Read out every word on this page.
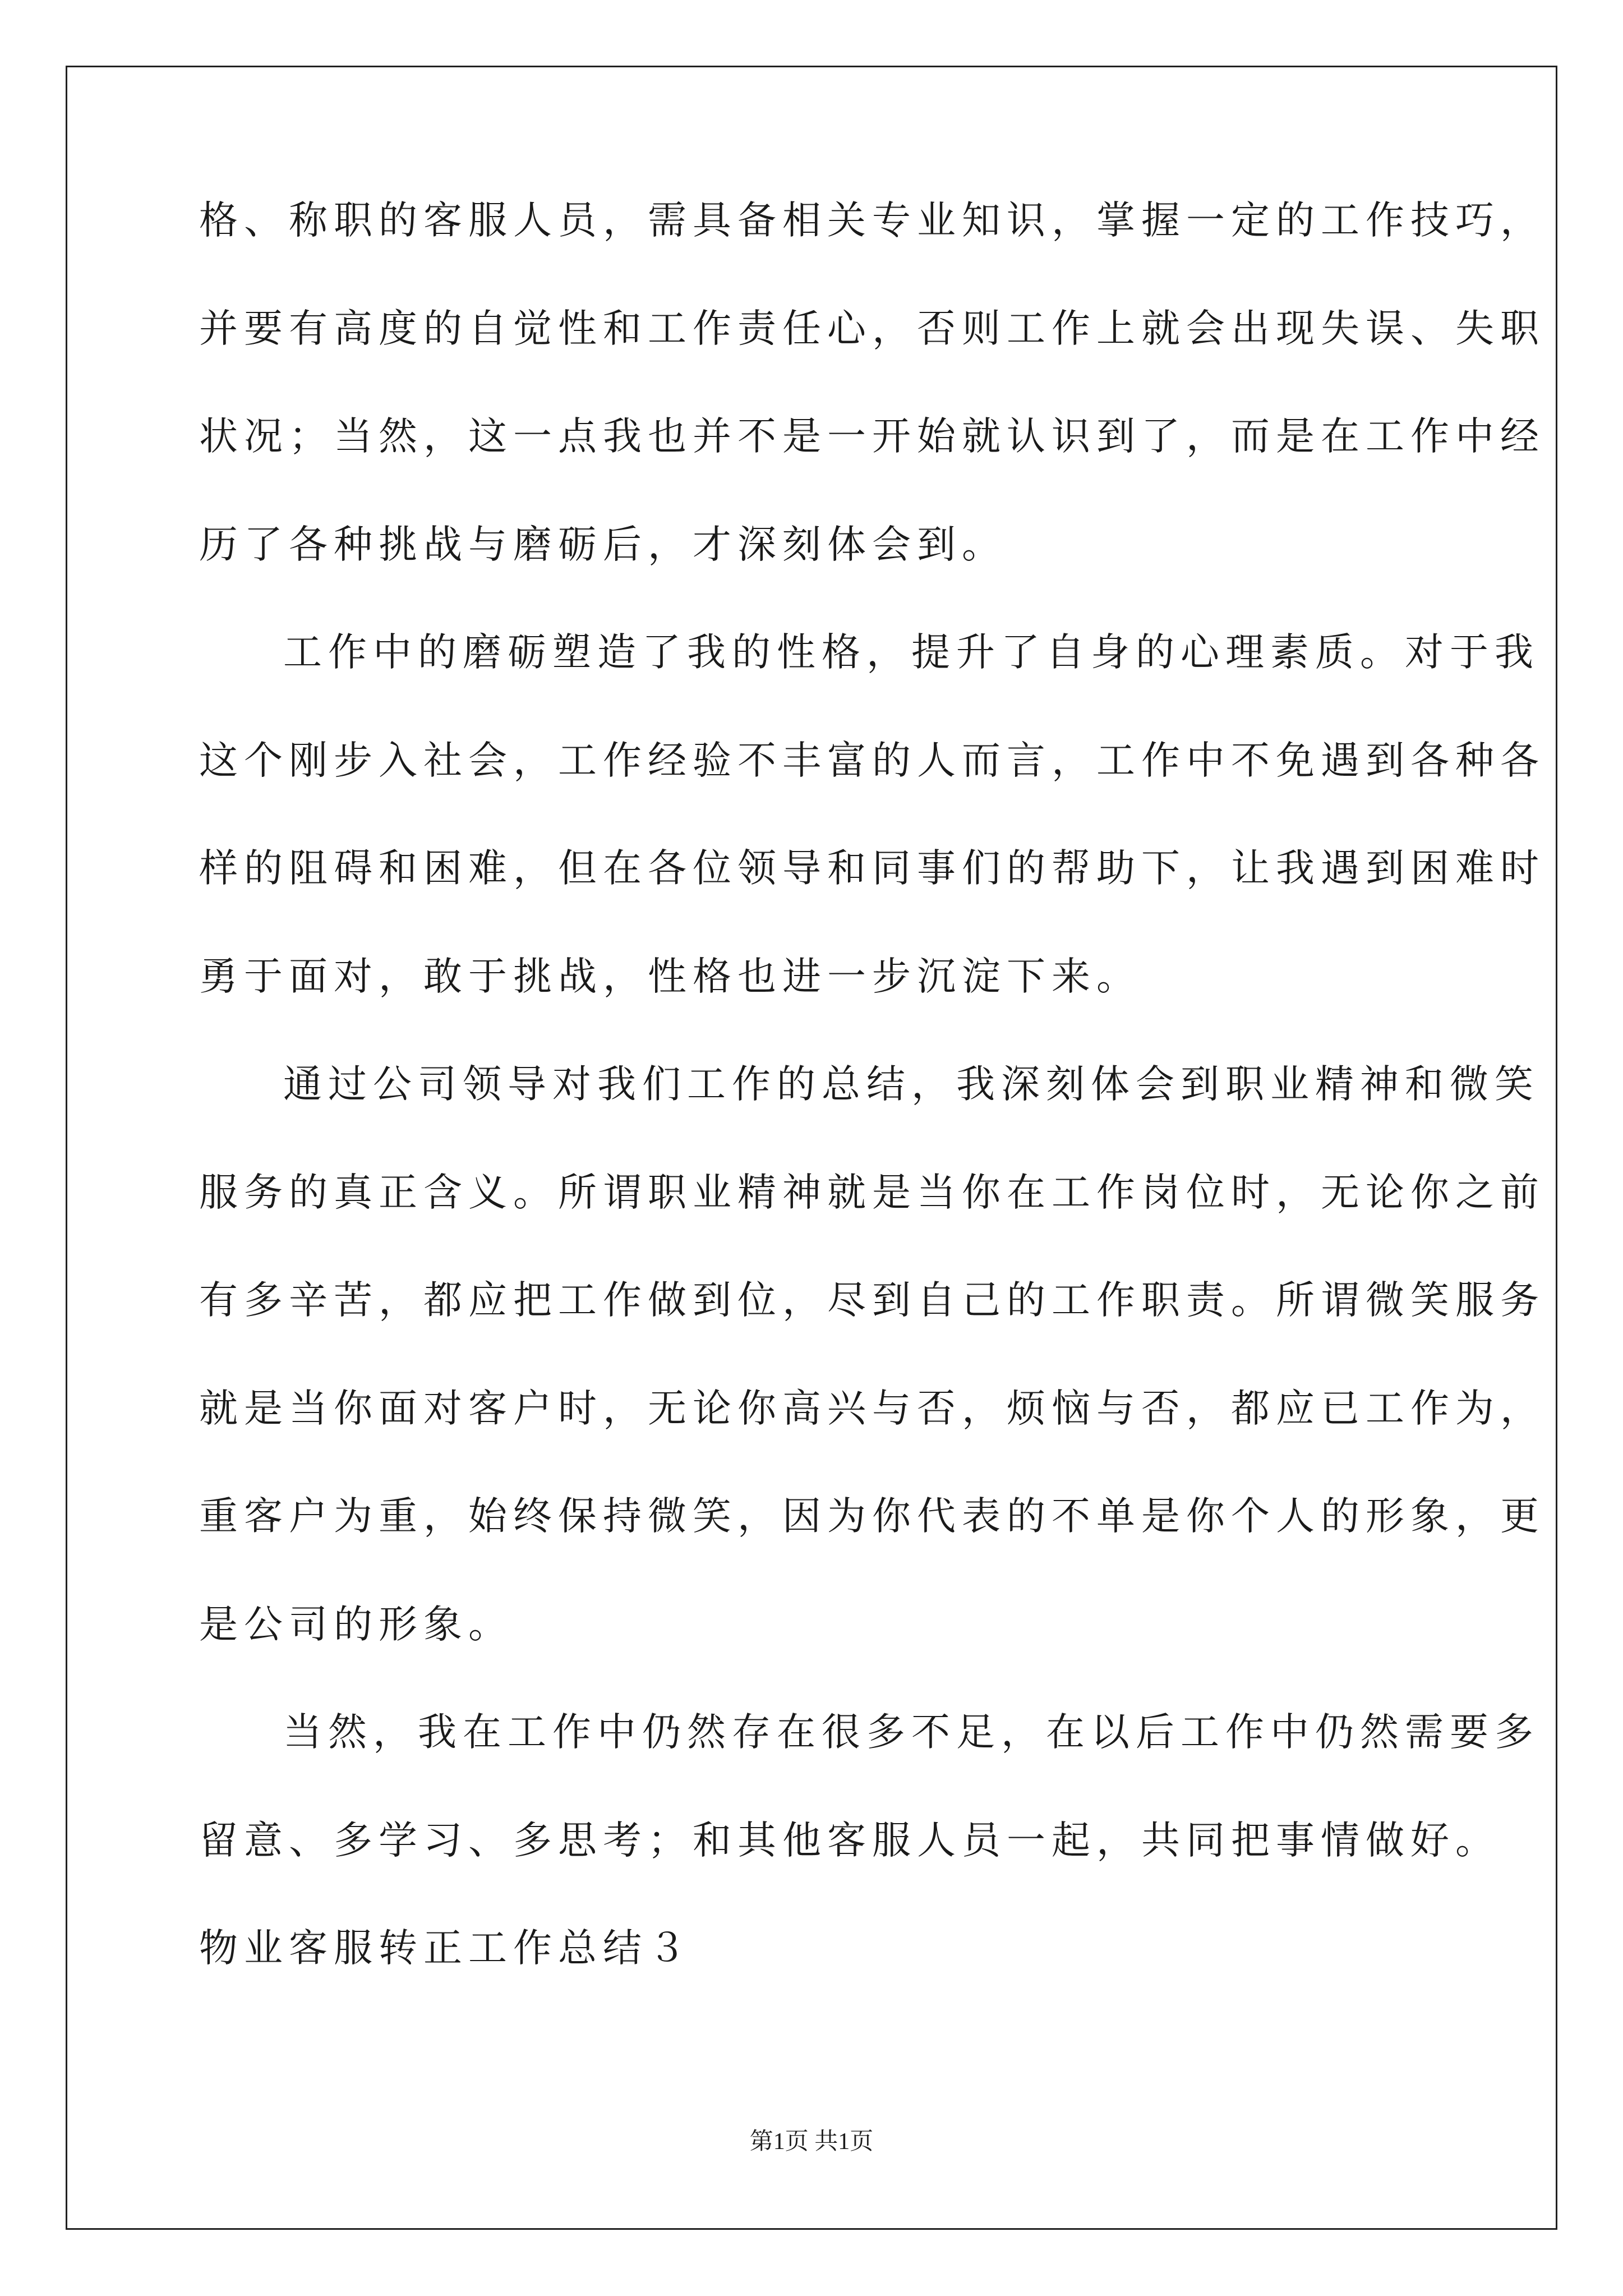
格、称职的客服人员，需具备相关专业知识，掌握一定的工作技巧，
并要有高度的自觉性和工作责任心，否则工作上就会出现失误、失职
状况；当然，这一点我也并不是一开始就认识到了，而是在工作中经
历了各种挑战与磨砺后，才深刻体会到。
工作中的磨砺塑造了我的性格，提升了自身的心理素质。对于我
这个刚步入社会，工作经验不丰富的人而言，工作中不免遇到各种各
样的阻碍和困难，但在各位领导和同事们的帮助下，让我遇到困难时
勇于面对，敢于挑战，性格也进一步沉淀下来。
通过公司领导对我们工作的总结，我深刻体会到职业精神和微笑
服务的真正含义。所谓职业精神就是当你在工作岗位时，无论你之前
有多辛苦，都应把工作做到位，尽到自己的工作职责。所谓微笑服务
就是当你面对客户时，无论你高兴与否，烦恼与否，都应已工作为，
重客户为重，始终保持微笑，因为你代表的不单是你个人的形象，更
是公司的形象。
当然，我在工作中仍然存在很多不足，在以后工作中仍然需要多
留意、多学习、多思考；和其他客服人员一起，共同把事情做好。
物业客服转正工作总结３
第1页 共1页
